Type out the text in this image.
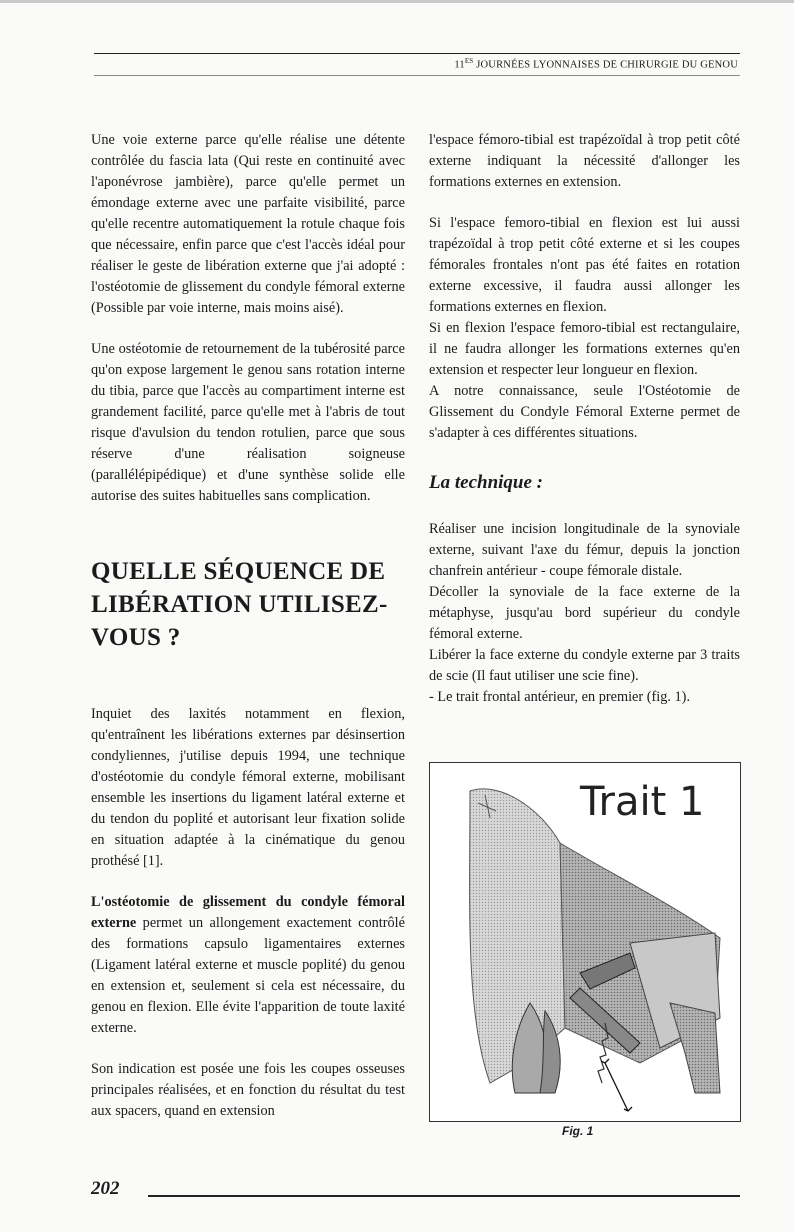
$11^{ES}$ JOURNÉES LYONNAISES DE CHIRURGIE DU GENOU

Une voie externe parce qu'elle réalise une détente contrôlée du fascia lata (Qui reste en continuité avec l'aponévrose jambière), parce qu'elle permet un émondage externe avec une parfaite visibilité, parce qu'elle recentre automatiquement la rotule chaque fois que nécessaire, enfin parce que c'est l'accès idéal pour réaliser le geste de libération externe que j'ai adopté : l'ostéotomie de glissement du condyle fémoral externe (Possible par voie interne, mais moins aisé).

Une ostéotomie de retournement de la tubérosité parce qu'on expose largement le genou sans rotation interne du tibia, parce que l'accès au compartiment interne est grandement facilité, parce qu'elle met à l'abris de tout risque d'avulsion du tendon rotulien, parce que sous réserve d'une réalisation soigneuse (parallélépipédique) et d'une synthèse solide elle autorise des suites habituelles sans complication.

QUELLE SÉQUENCE DE LIBÉRATION UTILISEZ-VOUS ?

Inquiet des laxités notamment en flexion, qu'entraînent les libérations externes par désinsertion condyliennes, j'utilise depuis 1994, une technique d'ostéotomie du condyle fémoral externe, mobilisant ensemble les insertions du ligament latéral externe et du tendon du poplité et autorisant leur fixation solide en situation adaptée à la cinématique du genou prothésé [1].

L'ostéotomie de glissement du condyle fémoral externe permet un allongement exactement contrôlé des formations capsulo ligamentaires externes (Ligament latéral externe et muscle poplité) du genou en extension et, seulement si cela est nécessaire, du genou en flexion. Elle évite l'apparition de toute laxité externe.

Son indication est posée une fois les coupes osseuses principales réalisées, et en fonction du résultat du test aux spacers, quand en extension

l'espace fémoro-tibial est trapézoïdal à trop petit côté externe indiquant la nécessité d'allonger les formations externes en extension.

Si l'espace femoro-tibial en flexion est lui aussi trapézoïdal à trop petit côté externe et si les coupes fémorales frontales n'ont pas été faites en rotation externe excessive, il faudra aussi allonger les formations externes en flexion.

Si en flexion l'espace femoro-tibial est rectangulaire, il ne faudra allonger les formations externes qu'en extension et respecter leur longueur en flexion.

A notre connaissance, seule l'Ostéotomie de Glissement du Condyle Fémoral Externe permet de s'adapter à ces différentes situations.

La technique :

Réaliser une incision longitudinale de la synoviale externe, suivant l'axe du fémur, depuis la jonction chanfrein antérieur - coupe fémorale distale.

Décoller la synoviale de la face externe de la métaphyse, jusqu'au bord supérieur du condyle fémoral externe.

Libérer la face externe du condyle externe par 3 traits de scie (Il faut utiliser une scie fine).

- Le trait frontal antérieur, en premier (fig. 1).

Trait 1
Fig. 1
202
